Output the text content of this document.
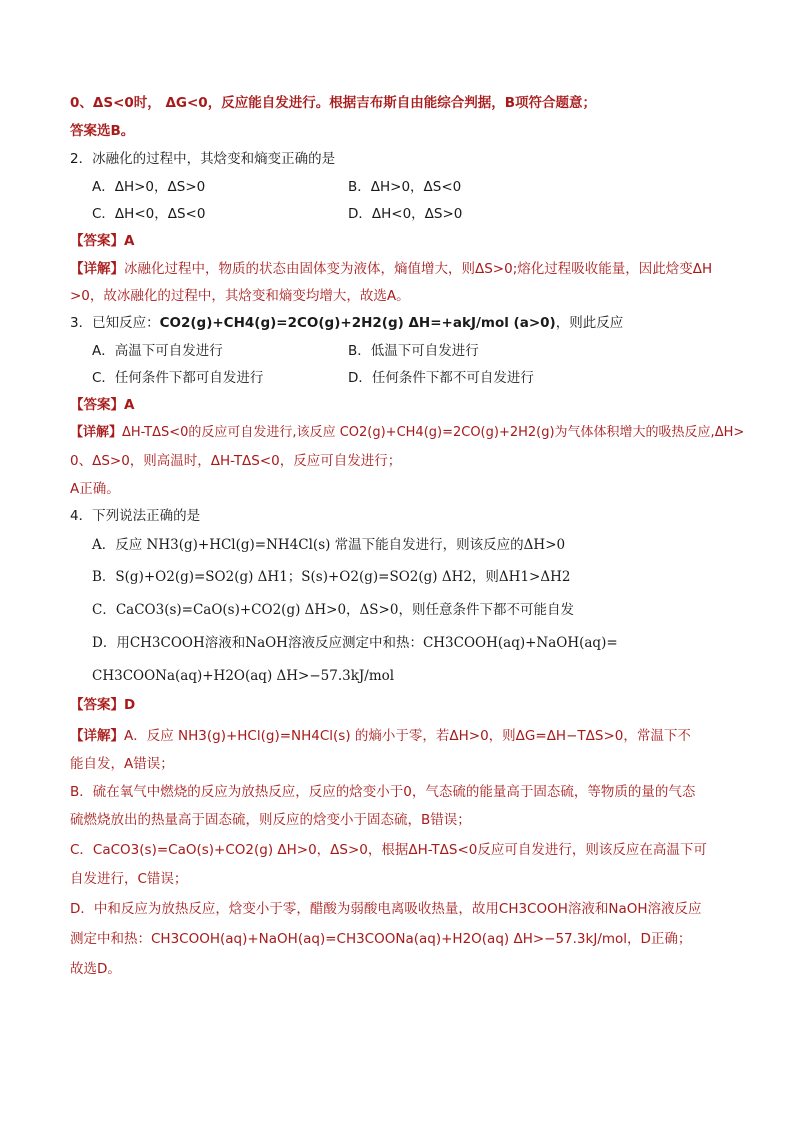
0、ΔS<0时， ΔG<0，反应能自发进行。根据吉布斯自由能综合判据，B项符合题意；
答案选B。
2．冰融化的过程中，其焓变和熵变正确的是
A．ΔH>0，ΔS>0	B．ΔH>0，ΔS<0
C．ΔH<0，ΔS<0	D．ΔH<0，ΔS>0
【答案】A
【详解】冰融化过程中，物质的状态由固体变为液体，熵值增大，则ΔS>0;熔化过程吸收能量，因此焓变ΔH
>0，故冰融化的过程中，其焓变和熵变均增大，故选A。
3．已知反应：CO2(g)+CH4(g)=2CO(g)+2H2(g) ΔH=+akJ/mol (a>0)，则此反应
A．高温下可自发进行	B．低温下可自发进行
C．任何条件下都可自发进行	D．任何条件下都不可自发进行
【答案】A
【详解】ΔH-TΔS<0的反应可自发进行,该反应 CO2(g)+CH4(g)=2CO(g)+2H2(g)为气体体积增大的吸热反应,ΔH>
0、ΔS>0，则高温时，ΔH-TΔS<0，反应可自发进行；
A正确。
4．下列说法正确的是
A．反应 NH3(g)+HCl(g)=NH4Cl(s) 常温下能自发进行，则该反应的ΔH>0
B．S(g)+O2(g)=SO2(g) ΔH1；S(s)+O2(g)=SO2(g) ΔH2，则ΔH1>ΔH2
C．CaCO3(s)=CaO(s)+CO2(g) ΔH>0，ΔS>0，则任意条件下都不可能自发
D．用CH3COOH溶液和NaOH溶液反应测定中和热：CH3COOH(aq)+NaOH(aq)=
CH3COONa(aq)+H2O(aq) ΔH>−57.3kJ/mol
【答案】D
【详解】A．反应 NH3(g)+HCl(g)=NH4Cl(s) 的熵小于零，若ΔH>0，则ΔG=ΔH−TΔS>0，常温下不
能自发，A错误；
B．硫在氧气中燃烧的反应为放热反应，反应的焓变小于0，气态硫的能量高于固态硫，等物质的量的气态
硫燃烧放出的热量高于固态硫，则反应的焓变小于固态硫，B错误；
C．CaCO3(s)=CaO(s)+CO2(g) ΔH>0，ΔS>0，根据ΔH-TΔS<0反应可自发进行，则该反应在高温下可
自发进行，C错误；
D．中和反应为放热反应，焓变小于零，醋酸为弱酸电离吸收热量，故用CH3COOH溶液和NaOH溶液反应
测定中和热：CH3COOH(aq)+NaOH(aq)=CH3COONa(aq)+H2O(aq) ΔH>−57.3kJ/mol，D正确；
故选D。
